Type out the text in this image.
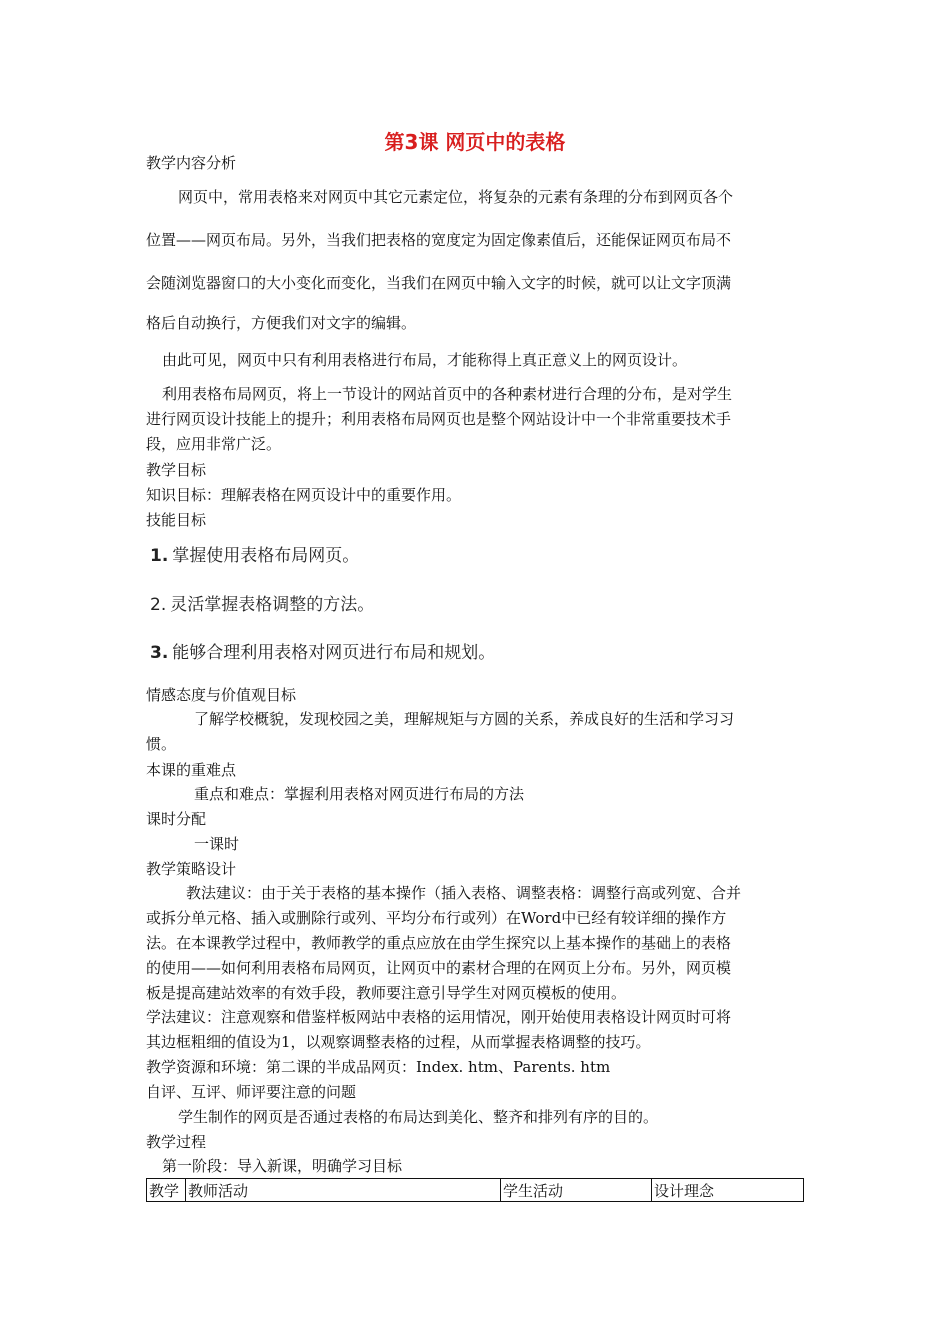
第3课 网页中的表格
教学内容分析
网页中，常用表格来对网页中其它元素定位，将复杂的元素有条理的分布到网页各个
位置——网页布局。另外，当我们把表格的宽度定为固定像素值后，还能保证网页布局不
会随浏览器窗口的大小变化而变化，当我们在网页中输入文字的时候，就可以让文字顶满
格后自动换行，方便我们对文字的编辑。
由此可见，网页中只有利用表格进行布局，才能称得上真正意义上的网页设计。
利用表格布局网页，将上一节设计的网站首页中的各种素材进行合理的分布，是对学生
进行网页设计技能上的提升；利用表格布局网页也是整个网站设计中一个非常重要技术手
段，应用非常广泛。
教学目标
知识目标：理解表格在网页设计中的重要作用。
技能目标
1. 掌握使用表格布局网页。
2. 灵活掌握表格调整的方法。
3. 能够合理利用表格对网页进行布局和规划。
情感态度与价值观目标
了解学校概貌，发现校园之美，理解规矩与方圆的关系，养成良好的生活和学习习
惯。
本课的重难点
重点和难点：掌握利用表格对网页进行布局的方法
课时分配
一课时
教学策略设计
教法建议：由于关于表格的基本操作（插入表格、调整表格：调整行高或列宽、合并
或拆分单元格、插入或删除行或列、平均分布行或列）在Word中已经有较详细的操作方
法。在本课教学过程中，教师教学的重点应放在由学生探究以上基本操作的基础上的表格
的使用——如何利用表格布局网页，让网页中的素材合理的在网页上分布。另外，网页模
板是提高建站效率的有效手段，教师要注意引导学生对网页模板的使用。
学法建议：注意观察和借鉴样板网站中表格的运用情况，刚开始使用表格设计网页时可将
其边框粗细的值设为1，以观察调整表格的过程，从而掌握表格调整的技巧。
教学资源和环境：第二课的半成品网页：Index. htm、Parents. htm
自评、互评、师评要注意的问题
学生制作的网页是否通过表格的布局达到美化、整齐和排列有序的目的。
教学过程
第一阶段：导入新课，明确学习目标
教学	教师活动	学生活动	设计理念
